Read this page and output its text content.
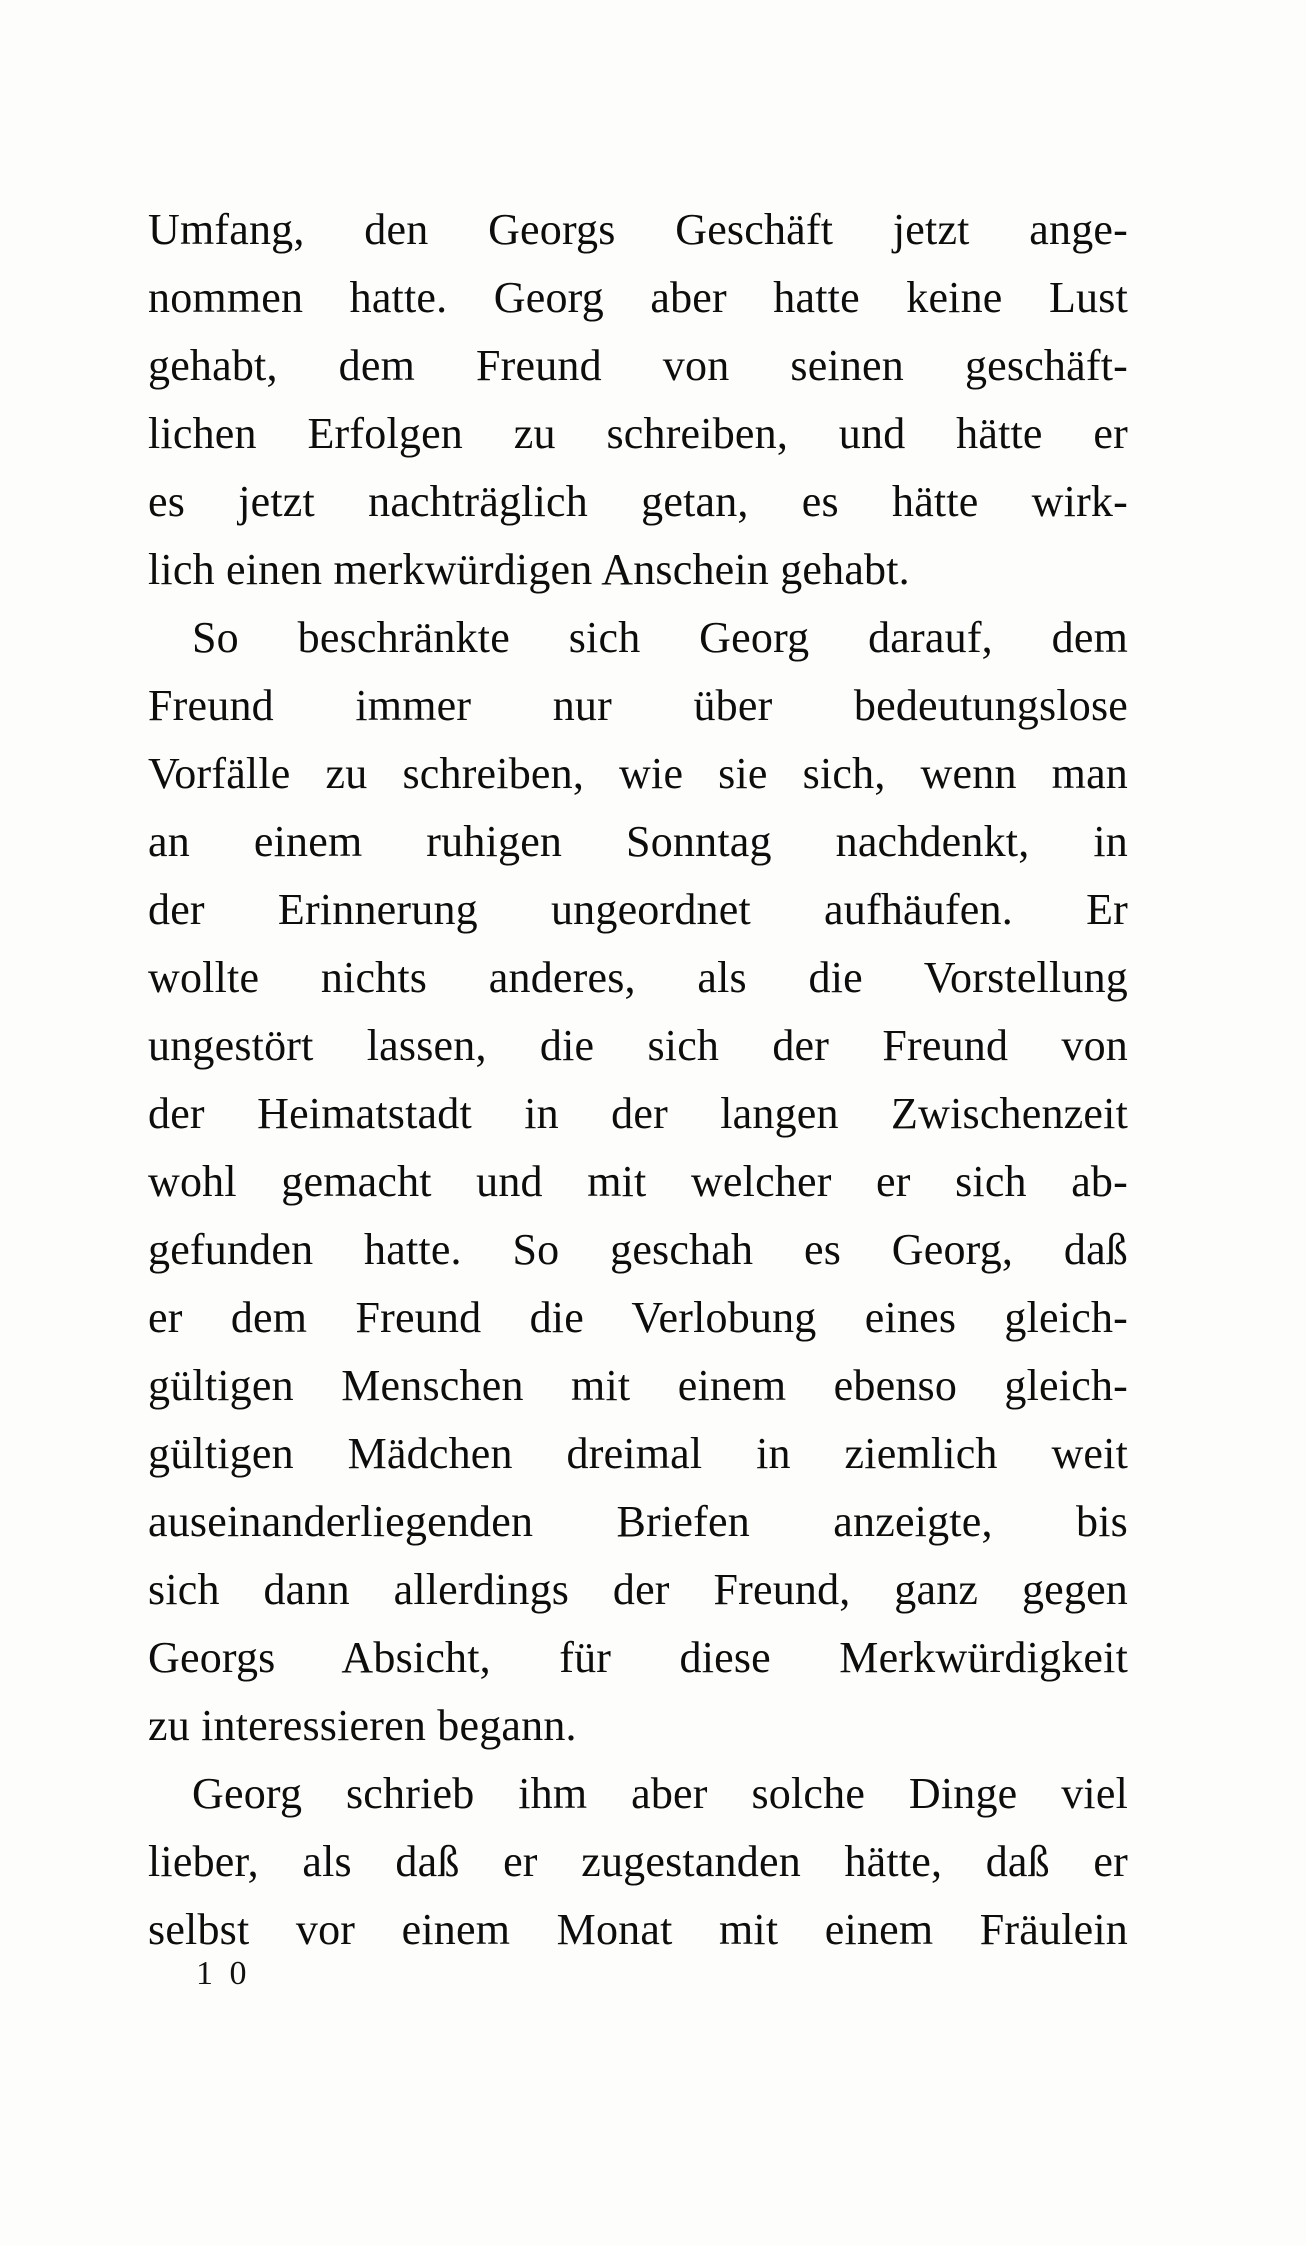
Umfang, den Georgs Geschäft jetzt ange-
nommen hatte. Georg aber hatte keine Lust
gehabt, dem Freund von seinen geschäft-
lichen Erfolgen zu schreiben, und hätte er
es jetzt nachträglich getan, es hätte wirk-
lich einen merkwürdigen Anschein gehabt.

So beschränkte sich Georg darauf, dem
Freund immer nur über bedeutungslose
Vorfälle zu schreiben, wie sie sich, wenn man
an einem ruhigen Sonntag nachdenkt, in
der Erinnerung ungeordnet aufhäufen. Er
wollte nichts anderes, als die Vorstellung
ungestört lassen, die sich der Freund von
der Heimatstadt in der langen Zwischenzeit
wohl gemacht und mit welcher er sich ab-
gefunden hatte. So geschah es Georg, daß
er dem Freund die Verlobung eines gleich-
gültigen Menschen mit einem ebenso gleich-
gültigen Mädchen dreimal in ziemlich weit
auseinanderliegenden Briefen anzeigte, bis
sich dann allerdings der Freund, ganz gegen
Georgs Absicht, für diese Merkwürdigkeit
zu interessieren begann.

Georg schrieb ihm aber solche Dinge viel
lieber, als daß er zugestanden hätte, daß er
selbst vor einem Monat mit einem Fräulein

1 0
